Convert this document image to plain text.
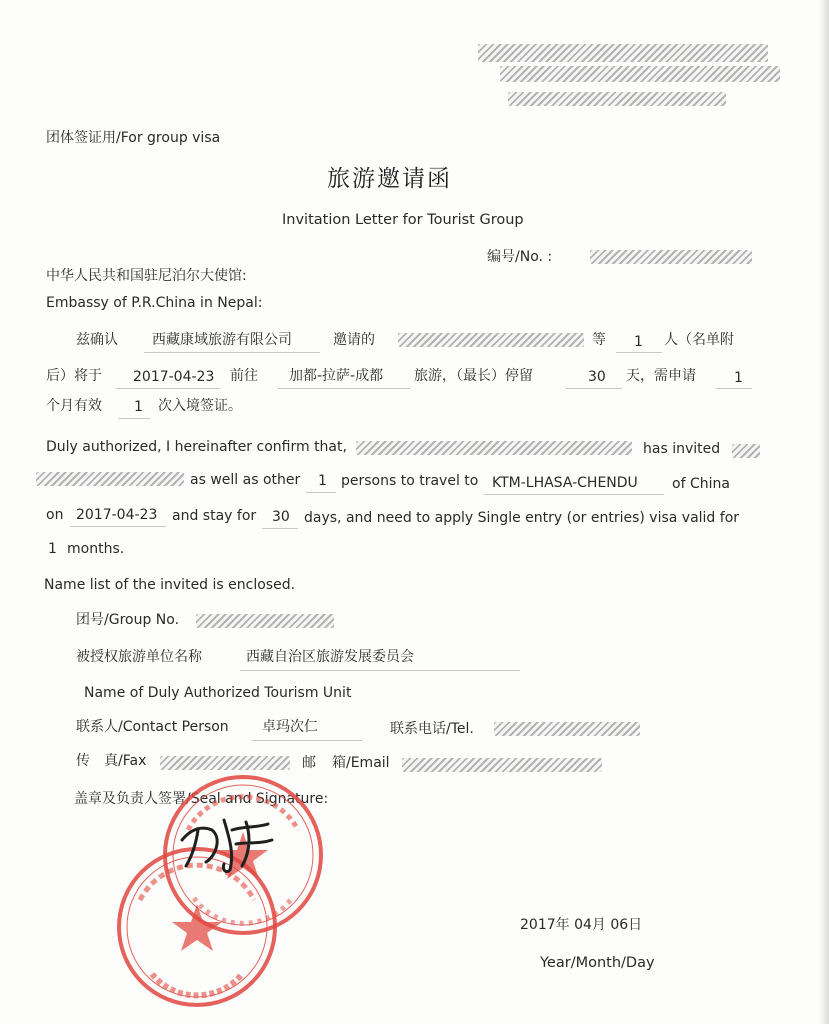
团体签证用/For group visa
旅游邀请函
Invitation Letter for Tourist Group
编号/No. :
中华人民共和国驻尼泊尔大使馆:
Embassy of P.R.China in Nepal:
兹确认 西藏康域旅游有限公司	邀请的	等 1 人（名单附
后）将于 2017-04-23 前往 加都-拉萨-成都 旅游，（最长）停留	30 天，需申请	1
个月有效 1 次入境签证。
Duly authorized, I hereinafter confirm that,	has invited
as well as other 1 persons to travel to KTM-LHASA-CHENDU of China
on 2017-04-23 and stay for 30 days, and need to apply Single entry (or entries) visa valid for
1 months.
Name list of the invited is enclosed.
团号/Group No.
被授权旅游单位名称	西藏自治区旅游发展委员会
Name of Duly Authorized Tourism Unit
联系人/Contact Person 卓玛次仁	联系电话/Tel.
传　真/Fax	邮 箱/Email
盖章及负责人签署/Seal and Signature:
2017年 04月 06日
Year/Month/Day
